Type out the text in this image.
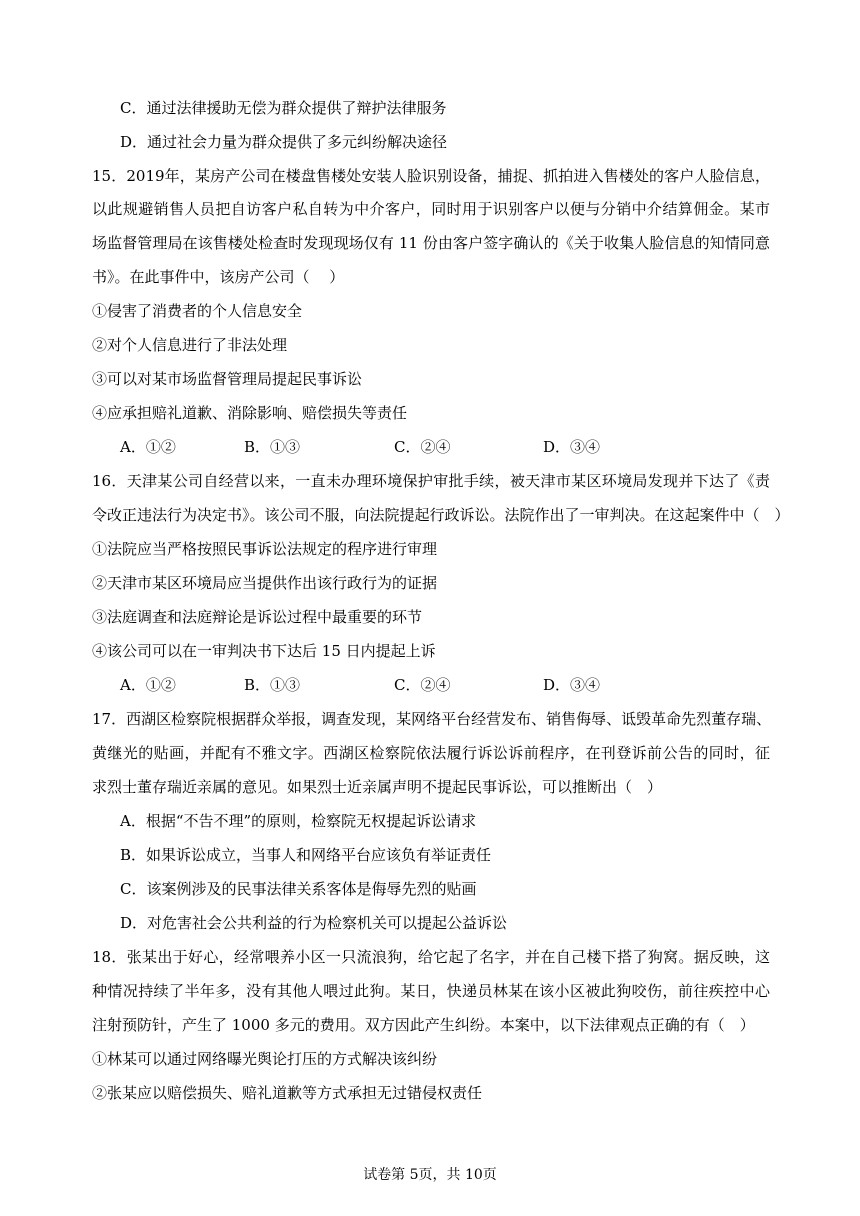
C．通过法律援助无偿为群众提供了辩护法律服务
D．通过社会力量为群众提供了多元纠纷解决途径
15．2019年，某房产公司在楼盘售楼处安装人脸识别设备，捕捉、抓拍进入售楼处的客户人脸信息，
以此规避销售人员把自访客户私自转为中介客户，同时用于识别客户以便与分销中介结算佣金。某市
场监督管理局在该售楼处检查时发现现场仅有 11 份由客户签字确认的《关于收集人脸信息的知情同意
书》。在此事件中，该房产公司（　 ）
①侵害了消费者的个人信息安全
②对个人信息进行了非法处理
③可以对某市场监督管理局提起民事诉讼
④应承担赔礼道歉、消除影响、赔偿损失等责任
A．①②	B．①③	C．②④	D．③④
16．天津某公司自经营以来，一直未办理环境保护审批手续，被天津市某区环境局发现并下达了《责
令改正违法行为决定书》。该公司不服，向法院提起行政诉讼。法院作出了一审判决。在这起案件中（　）
①法院应当严格按照民事诉讼法规定的程序进行审理
②天津市某区环境局应当提供作出该行政行为的证据
③法庭调查和法庭辩论是诉讼过程中最重要的环节
④该公司可以在一审判决书下达后 15 日内提起上诉
A．①②	B．①③	C．②④	D．③④
17．西湖区检察院根据群众举报，调查发现，某网络平台经营发布、销售侮辱、诋毁革命先烈董存瑞、
黄继光的贴画，并配有不雅文字。西湖区检察院依法履行诉讼诉前程序，在刊登诉前公告的同时，征
求烈士董存瑞近亲属的意见。如果烈士近亲属声明不提起民事诉讼，可以推断出（　）
A．根据“不告不理”的原则，检察院无权提起诉讼请求
B．如果诉讼成立，当事人和网络平台应该负有举证责任
C．该案例涉及的民事法律关系客体是侮辱先烈的贴画
D．对危害社会公共利益的行为检察机关可以提起公益诉讼
18．张某出于好心，经常喂养小区一只流浪狗，给它起了名字，并在自己楼下搭了狗窝。据反映，这
种情况持续了半年多，没有其他人喂过此狗。某日，快递员林某在该小区被此狗咬伤，前往疾控中心
注射预防针，产生了 1000 多元的费用。双方因此产生纠纷。本案中，以下法律观点正确的有（　）
①林某可以通过网络曝光舆论打压的方式解决该纠纷
②张某应以赔偿损失、赔礼道歉等方式承担无过错侵权责任
试卷第 5页，共 10页
